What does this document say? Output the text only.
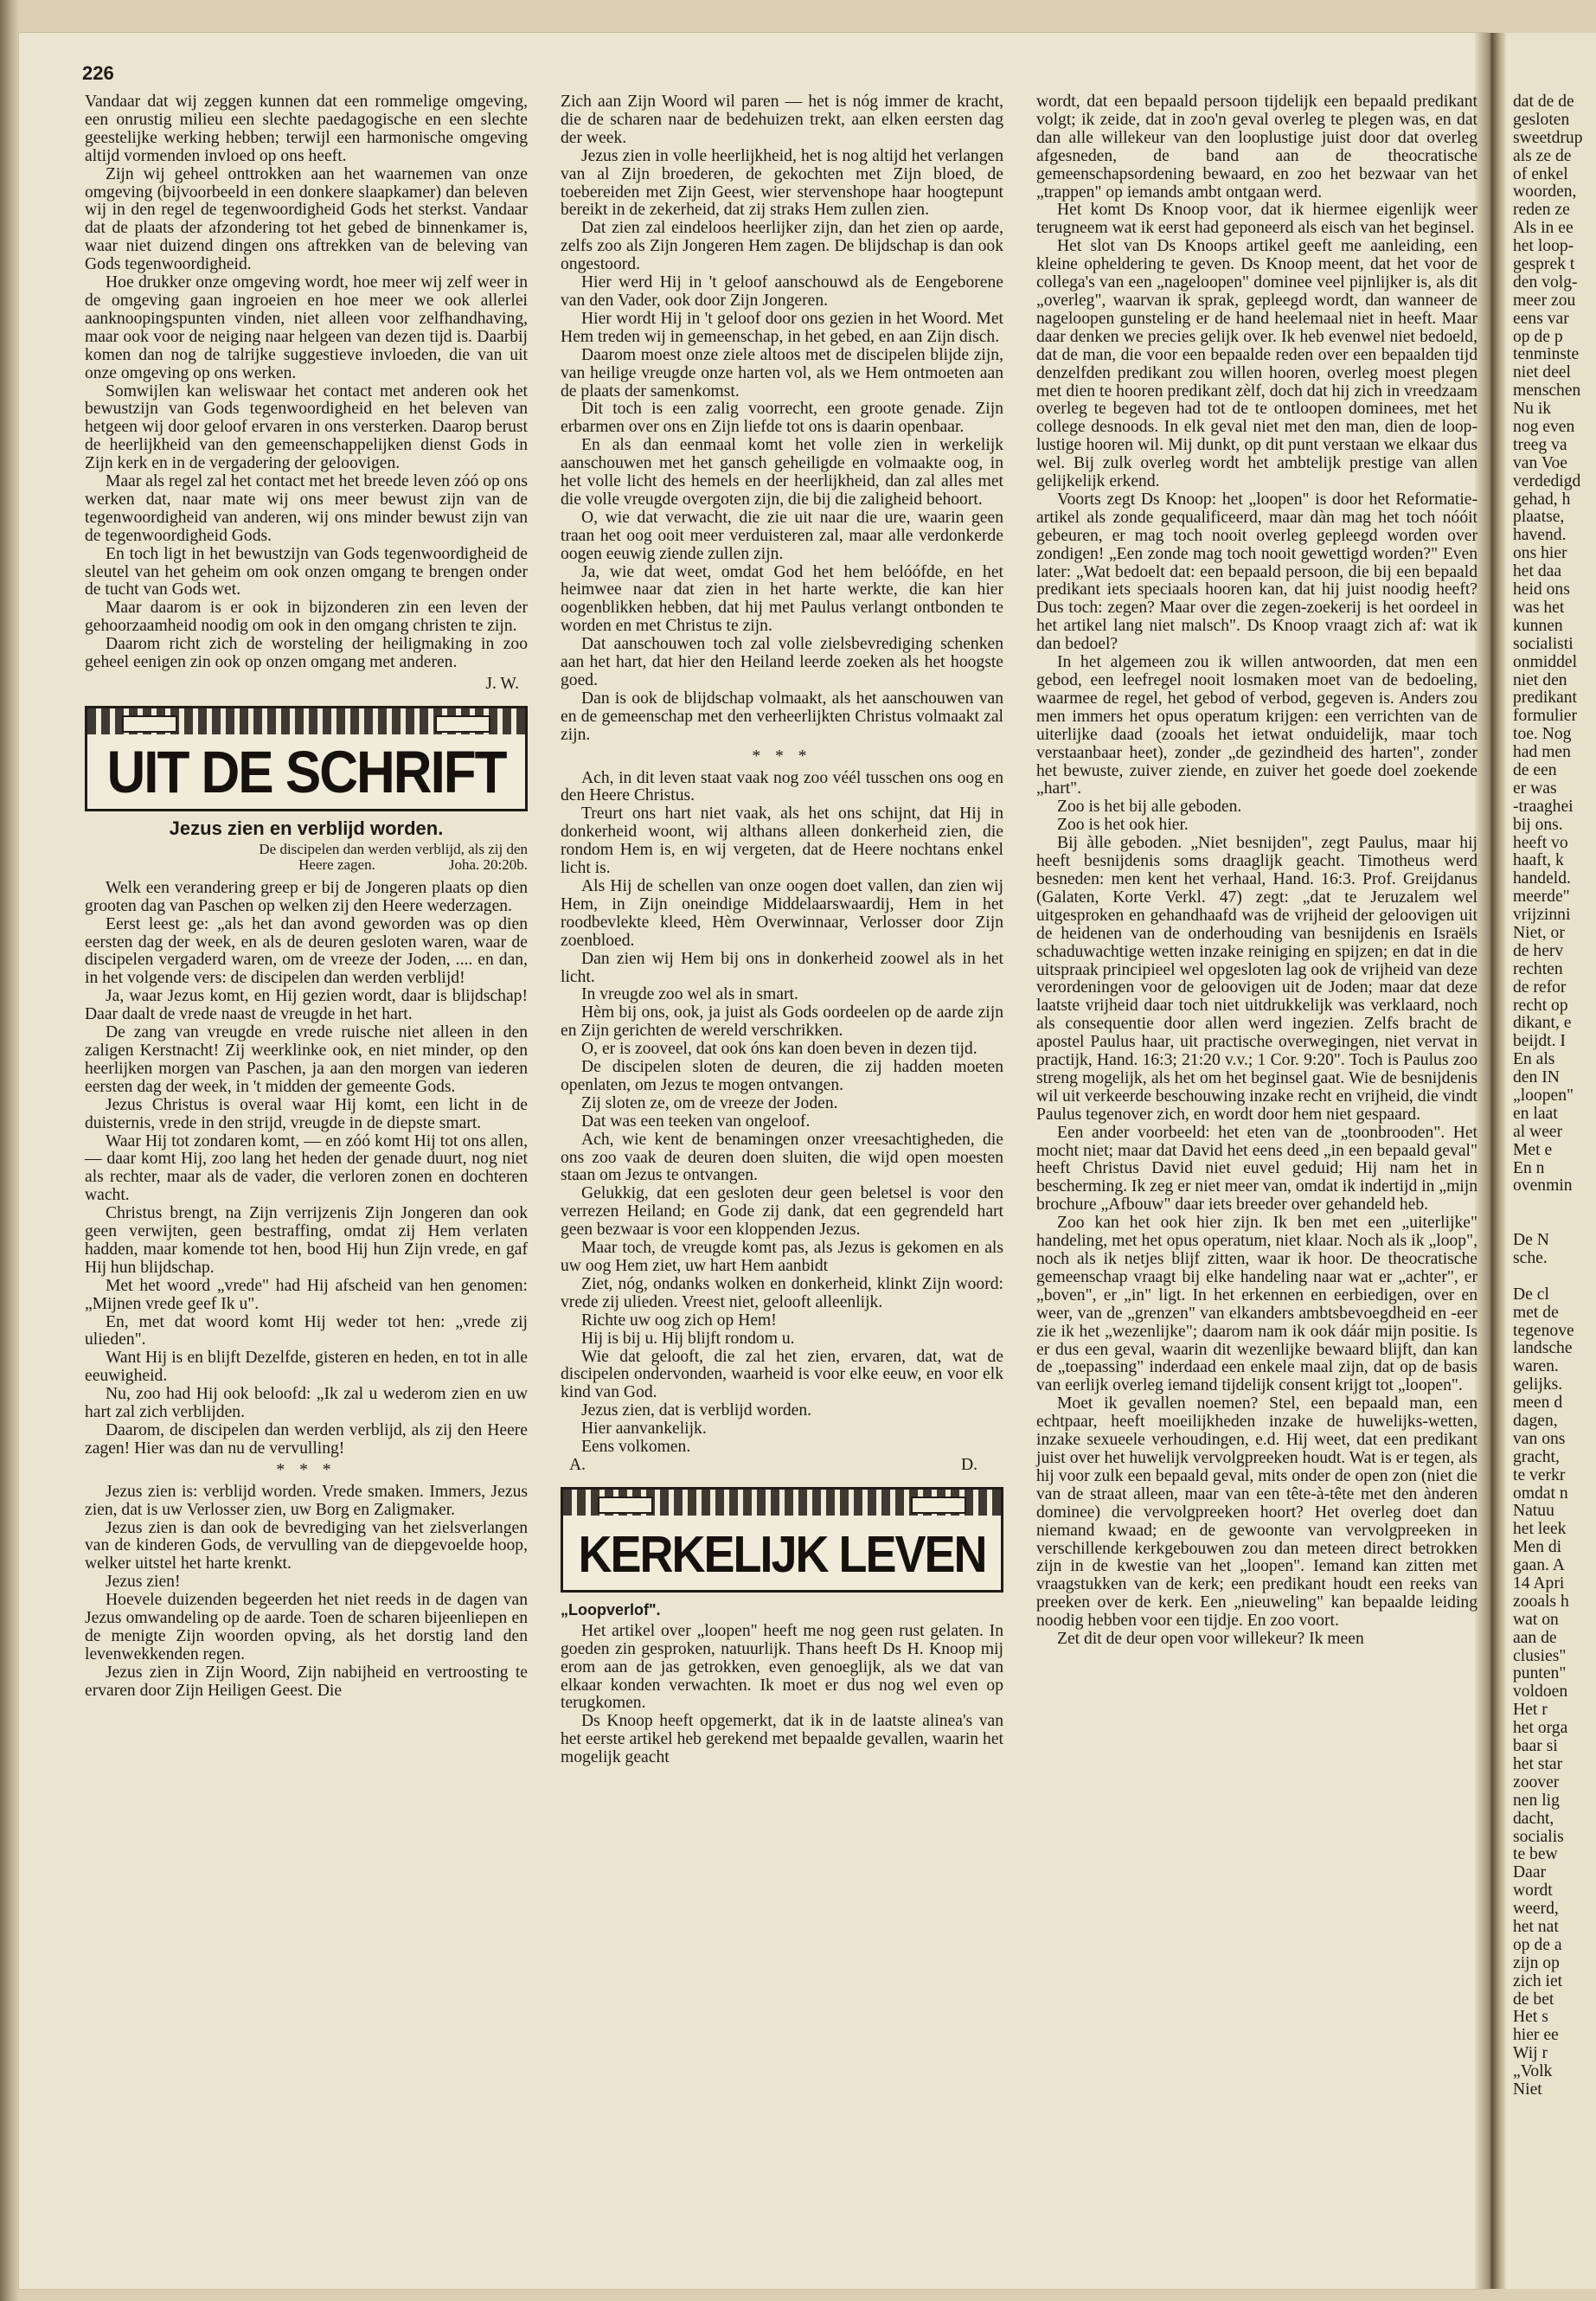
dat de de
gesloten
sweetdrup
als ze de
of enkel
woorden,
reden ze
Als in ee
het loop-
gesprek t
den volg-
meer zou
eens var
op de p
tenminste
niet deel
menschen
Nu ik
nog even
treeg va
van Voe
verdedigd
gehad, h
plaatse,
havend.
ons hier
het daa
heid ons
was het
kunnen
socialisti
onmiddel
niet den
predikant
formulier
toe. Nog
had men
de een
er was
-traaghei
bij ons.
heeft vo
haaft, k
handeld.
meerde"
vrijzinni
Niet, or
de herv
rechten
de refor
recht op
dikant, e
beijdt. I
En als
den IN
„loopen"
en laat
al weer
Met e
En n
ovenmin
De N
sche.
De cl
met de
tegenove
landsche
waren.
gelijks.
meen d
dagen,
van ons
gracht,
te verkr
omdat n
Natuu
het leek
Men di
gaan. A
14 Apri
zooals h
wat on
aan de
clusies"
punten"
voldoen
Het r
het orga
baar si
het star
zoover
nen lig
dacht,
socialis
te bew
Daar
wordt
weerd,
het nat
op de a
zijn op
zich iet
de bet
Het s
hier ee
Wij r
„Volk
Niet
226

Vandaar dat wij zeggen kunnen dat een rommelige omgeving, een onrustig milieu een slechte paedagogische en een slechte geestelijke werking hebben; terwijl een harmonische omgeving altijd vormenden invloed op ons heeft.

Zijn wij geheel onttrokken aan het waarnemen van onze omgeving (bijvoorbeeld in een donkere slaapkamer) dan beleven wij in den regel de tegenwoordigheid Gods het sterkst. Vandaar dat de plaats der afzondering tot het gebed de binnenkamer is, waar niet duizend dingen ons aftrekken van de beleving van Gods tegenwoordigheid.

Hoe drukker onze omgeving wordt, hoe meer wij zelf weer in de omgeving gaan ingroeien en hoe meer we ook allerlei aanknoopingspunten vinden, niet alleen voor zelfhandhaving, maar ook voor de neiging naar helgeen van dezen tijd is. Daarbij komen dan nog de talrijke suggestieve invloeden, die van uit onze omgeving op ons werken.

Somwijlen kan weliswaar het contact met anderen ook het bewustzijn van Gods tegenwoordigheid en het beleven van hetgeen wij door geloof ervaren in ons versterken. Daarop berust de heerlijkheid van den gemeenschappelijken dienst Gods in Zijn kerk en in de vergadering der geloovigen.

Maar als regel zal het contact met het breede leven zóó op ons werken dat, naar mate wij ons meer bewust zijn van de tegenwoordigheid van anderen, wij ons minder bewust zijn van de tegenwoordigheid Gods.

En toch ligt in het bewustzijn van Gods tegenwoordigheid de sleutel van het geheim om ook onzen omgang te brengen onder de tucht van Gods wet.

Maar daarom is er ook in bijzonderen zin een leven der gehoorzaamheid noodig om ook in den omgang christen te zijn.

Daarom richt zich de worsteling der heiligmaking in zoo geheel eenigen zin ook op onzen omgang met anderen.

J. W.
UIT DE SCHRIFT
Jezus zien en verblijd worden.
De discipelen dan werden verblijd, als zij den
Heere zagen.                    Joha. 20:20b.

Welk een verandering greep er bij de Jongeren plaats op dien grooten dag van Paschen op welken zij den Heere wederzagen.

Eerst leest ge: „als het dan avond geworden was op dien eersten dag der week, en als de deuren gesloten waren, waar de discipelen vergaderd waren, om de vreeze der Joden, .... en dan, in het volgende vers: de discipelen dan werden verblijd!

Ja, waar Jezus komt, en Hij gezien wordt, daar is blijdschap! Daar daalt de vrede naast de vreugde in het hart.

De zang van vreugde en vrede ruische niet alleen in den zaligen Kerstnacht! Zij weerklinke ook, en niet minder, op den heerlijken morgen van Paschen, ja aan den morgen van iederen eersten dag der week, in 't midden der gemeente Gods.

Jezus Christus is overal waar Hij komt, een licht in de duisternis, vrede in den strijd, vreugde in de diepste smart.

Waar Hij tot zondaren komt, — en zóó komt Hij tot ons allen, — daar komt Hij, zoo lang het heden der genade duurt, nog niet als rechter, maar als de vader, die verloren zonen en dochteren wacht.

Christus brengt, na Zijn verrijzenis Zijn Jongeren dan ook geen verwijten, geen bestraffing, omdat zij Hem verlaten hadden, maar komende tot hen, bood Hij hun Zijn vrede, en gaf Hij hun blijdschap.

Met het woord „vrede" had Hij afscheid van hen genomen: „Mijnen vrede geef Ik u".

En, met dat woord komt Hij weder tot hen: „vrede zij ulieden".

Want Hij is en blijft Dezelfde, gisteren en heden, en tot in alle eeuwigheid.

Nu, zoo had Hij ook beloofd: „Ik zal u wederom zien en uw hart zal zich verblijden.

Daarom, de discipelen dan werden verblijd, als zij den Heere zagen! Hier was dan nu de vervulling!

* * *

Jezus zien is: verblijd worden. Vrede smaken. Immers, Jezus zien, dat is uw Verlosser zien, uw Borg en Zaligmaker.

Jezus zien is dan ook de bevrediging van het zielsverlangen van de kinderen Gods, de vervulling van de diepgevoelde hoop, welker uitstel het harte krenkt.

Jezus zien!

Hoevele duizenden begeerden het niet reeds in de dagen van Jezus omwandeling op de aarde. Toen de scharen bijeenliepen en de menigte Zijn woorden opving, als het dorstig land den levenwekkenden regen.

Jezus zien in Zijn Woord, Zijn nabijheid en vertroosting te ervaren door Zijn Heiligen Geest. Die

Zich aan Zijn Woord wil paren — het is nóg immer de kracht, die de scharen naar de bedehuizen trekt, aan elken eersten dag der week.

Jezus zien in volle heerlijkheid, het is nog altijd het verlangen van al Zijn broederen, de gekochten met Zijn bloed, de toebereiden met Zijn Geest, wier stervenshope haar hoogtepunt bereikt in de zekerheid, dat zij straks Hem zullen zien.

Dat zien zal eindeloos heerlijker zijn, dan het zien op aarde, zelfs zoo als Zijn Jongeren Hem zagen. De blijdschap is dan ook ongestoord.

Hier werd Hij in 't geloof aanschouwd als de Eengeborene van den Vader, ook door Zijn Jongeren.

Hier wordt Hij in 't geloof door ons gezien in het Woord. Met Hem treden wij in gemeenschap, in het gebed, en aan Zijn disch.

Daarom moest onze ziele altoos met de discipelen blijde zijn, van heilige vreugde onze harten vol, als we Hem ontmoeten aan de plaats der samenkomst.

Dit toch is een zalig voorrecht, een groote genade. Zijn erbarmen over ons en Zijn liefde tot ons is daarin openbaar.

En als dan eenmaal komt het volle zien in werkelijk aanschouwen met het gansch geheiligde en volmaakte oog, in het volle licht des hemels en der heerlijkheid, dan zal alles met die volle vreugde overgoten zijn, die bij die zaligheid behoort.

O, wie dat verwacht, die zie uit naar die ure, waarin geen traan het oog ooit meer verduisteren zal, maar alle verdonkerde oogen eeuwig ziende zullen zijn.

Ja, wie dat weet, omdat God het hem belóófde, en het heimwee naar dat zien in het harte werkte, die kan hier oogenblikken hebben, dat hij met Paulus verlangt ontbonden te worden en met Christus te zijn.

Dat aanschouwen toch zal volle zielsbevrediging schenken aan het hart, dat hier den Heiland leerde zoeken als het hoogste goed.

Dan is ook de blijdschap volmaakt, als het aanschouwen van en de gemeenschap met den verheerlijkten Christus volmaakt zal zijn.

* * *

Ach, in dit leven staat vaak nog zoo véél tusschen ons oog en den Heere Christus.

Treurt ons hart niet vaak, als het ons schijnt, dat Hij in donkerheid woont, wij althans alleen donkerheid zien, die rondom Hem is, en wij vergeten, dat de Heere nochtans enkel licht is.

Als Hij de schellen van onze oogen doet vallen, dan zien wij Hem, in Zijn oneindige Middelaarswaardij, Hem in het roodbevlekte kleed, Hèm Overwinnaar, Verlosser door Zijn zoenbloed.

Dan zien wij Hem bij ons in donkerheid zoowel als in het licht.

In vreugde zoo wel als in smart.

Hèm bij ons, ook, ja juist als Gods oordeelen op de aarde zijn en Zijn gerichten de wereld verschrikken.

O, er is zooveel, dat ook óns kan doen beven in dezen tijd.

De discipelen sloten de deuren, die zij hadden moeten openlaten, om Jezus te mogen ontvangen.

Zij sloten ze, om de vreeze der Joden.

Dat was een teeken van ongeloof.

Ach, wie kent de benamingen onzer vreesachtigheden, die ons zoo vaak de deuren doen sluiten, die wijd open moesten staan om Jezus te ontvangen.

Gelukkig, dat een gesloten deur geen beletsel is voor den verrezen Heiland; en Gode zij dank, dat een gegrendeld hart geen bezwaar is voor een kloppenden Jezus.

Maar toch, de vreugde komt pas, als Jezus is gekomen en als uw oog Hem ziet, uw hart Hem aanbidt

Ziet, nóg, ondanks wolken en donkerheid, klinkt Zijn woord: vrede zij ulieden. Vreest niet, gelooft alleenlijk.

Richte uw oog zich op Hem!

Hij is bij u. Hij blijft rondom u.

Wie dat gelooft, die zal het zien, ervaren, dat, wat de discipelen ondervonden, waarheid is voor elke eeuw, en voor elk kind van God.

Jezus zien, dat is verblijd worden.

Hier aanvankelijk.

Eens volkomen.

A.	D.
KERKELIJK LEVEN
„Loopverlof".

Het artikel over „loopen" heeft me nog geen rust gelaten. In goeden zin gesproken, natuurlijk. Thans heeft Ds H. Knoop mij erom aan de jas getrokken, even genoeglijk, als we dat van elkaar konden verwachten. Ik moet er dus nog wel even op terugkomen.

Ds Knoop heeft opgemerkt, dat ik in de laatste alinea's van het eerste artikel heb gerekend met bepaalde gevallen, waarin het mogelijk geacht

wordt, dat een bepaald persoon tijdelijk een bepaald predikant volgt; ik zeide, dat in zoo'n geval overleg te plegen was, en dat dan alle willekeur van den looplustige juist door dat overleg afgesneden, de band aan de theocratische gemeenschapsordening bewaard, en zoo het bezwaar van het „trappen" op iemands ambt ontgaan werd.

Het komt Ds Knoop voor, dat ik hiermee eigenlijk weer terugneem wat ik eerst had geponeerd als eisch van het beginsel.

Het slot van Ds Knoops artikel geeft me aanleiding, een kleine opheldering te geven. Ds Knoop meent, dat het voor de collega's van een „nageloopen" dominee veel pijnlijker is, als dit „overleg", waarvan ik sprak, gepleegd wordt, dan wanneer de nageloopen gunsteling er de hand heelemaal niet in heeft. Maar daar denken we precies gelijk over. Ik heb evenwel niet bedoeld, dat de man, die voor een bepaalde reden over een bepaalden tijd denzelfden predikant zou willen hooren, overleg moest plegen met dien te hooren predikant zèlf, doch dat hij zich in vreedzaam overleg te begeven had tot de te ontloopen dominees, met het college desnoods. In elk geval niet met den man, dien de loop-lustige hooren wil. Mij dunkt, op dit punt verstaan we elkaar dus wel. Bij zulk overleg wordt het ambtelijk prestige van allen gelijkelijk erkend.

Voorts zegt Ds Knoop: het „loopen" is door het Reformatie-artikel als zonde gequalificeerd, maar dàn mag het toch nóóit gebeuren, er mag toch nooit overleg gepleegd worden over zondigen! „Een zonde mag toch nooit gewettigd worden?" Even later: „Wat bedoelt dat: een bepaald persoon, die bij een bepaald predikant iets speciaals hooren kan, dat hij juist noodig heeft? Dus toch: zegen? Maar over die zegen-zoekerij is het oordeel in het artikel lang niet malsch". Ds Knoop vraagt zich af: wat ik dan bedoel?

In het algemeen zou ik willen antwoorden, dat men een gebod, een leefregel nooit losmaken moet van de bedoeling, waarmee de regel, het gebod of verbod, gegeven is. Anders zou men immers het opus operatum krijgen: een verrichten van de uiterlijke daad (zooals het ietwat onduidelijk, maar toch verstaanbaar heet), zonder „de gezindheid des harten", zonder het bewuste, zuiver ziende, en zuiver het goede doel zoekende „hart".

Zoo is het bij alle geboden.

Zoo is het ook hier.

Bij àlle geboden. „Niet besnijden", zegt Paulus, maar hij heeft besnijdenis soms draaglijk geacht. Timotheus werd besneden: men kent het verhaal, Hand. 16:3. Prof. Greijdanus (Galaten, Korte Verkl. 47) zegt: „dat te Jeruzalem wel uitgesproken en gehandhaafd was de vrijheid der geloovigen uit de heidenen van de onderhouding van besnijdenis en Israëls schaduwachtige wetten inzake reiniging en spijzen; en dat in die uitspraak principieel wel opgesloten lag ook de vrijheid van deze verordeningen voor de geloovigen uit de Joden; maar dat deze laatste vrijheid daar toch niet uitdrukkelijk was verklaard, noch als consequentie door allen werd ingezien. Zelfs bracht de apostel Paulus haar, uit practische overwegingen, niet vervat in practijk, Hand. 16:3; 21:20 v.v.; 1 Cor. 9:20". Toch is Paulus zoo streng mogelijk, als het om het beginsel gaat. Wie de besnijdenis wil uit verkeerde beschouwing inzake recht en vrijheid, die vindt Paulus tegenover zich, en wordt door hem niet gespaard.

Een ander voorbeeld: het eten van de „toonbrooden". Het mocht niet; maar dat David het eens deed „in een bepaald geval" heeft Christus David niet euvel geduid; Hij nam het in bescherming. Ik zeg er niet meer van, omdat ik indertijd in „mijn brochure „Afbouw" daar iets breeder over gehandeld heb.

Zoo kan het ook hier zijn. Ik ben met een „uiterlijke" handeling, met het opus operatum, niet klaar. Noch als ik „loop", noch als ik netjes blijf zitten, waar ik hoor. De theocratische gemeenschap vraagt bij elke handeling naar wat er „achter", er „boven", er „in" ligt. In het erkennen en eerbiedigen, over en weer, van de „grenzen" van elkanders ambtsbevoegdheid en -eer zie ik het „wezenlijke"; daarom nam ik ook dáár mijn positie. Is er dus een geval, waarin dit wezenlijke bewaard blijft, dan kan de „toepassing" inderdaad een enkele maal zijn, dat op de basis van eerlijk overleg iemand tijdelijk consent krijgt tot „loopen".

Moet ik gevallen noemen? Stel, een bepaald man, een echtpaar, heeft moeilijkheden inzake de huwelijks-wetten, inzake sexueele verhoudingen, e.d. Hij weet, dat een predikant juist over het huwelijk vervolgpreeken houdt. Wat is er tegen, als hij voor zulk een bepaald geval, mits onder de open zon (niet die van de straat alleen, maar van een tête-à-tête met den ànderen dominee) die vervolgpreeken hoort? Het overleg doet dan niemand kwaad; en de gewoonte van vervolgpreeken in verschillende kerkgebouwen zou dan meteen direct betrokken zijn in de kwestie van het „loopen". Iemand kan zitten met vraagstukken van de kerk; een predikant houdt een reeks van preeken over de kerk. Een „nieuweling" kan bepaalde leiding noodig hebben voor een tijdje. En zoo voort.

Zet dit de deur open voor willekeur? Ik meen
